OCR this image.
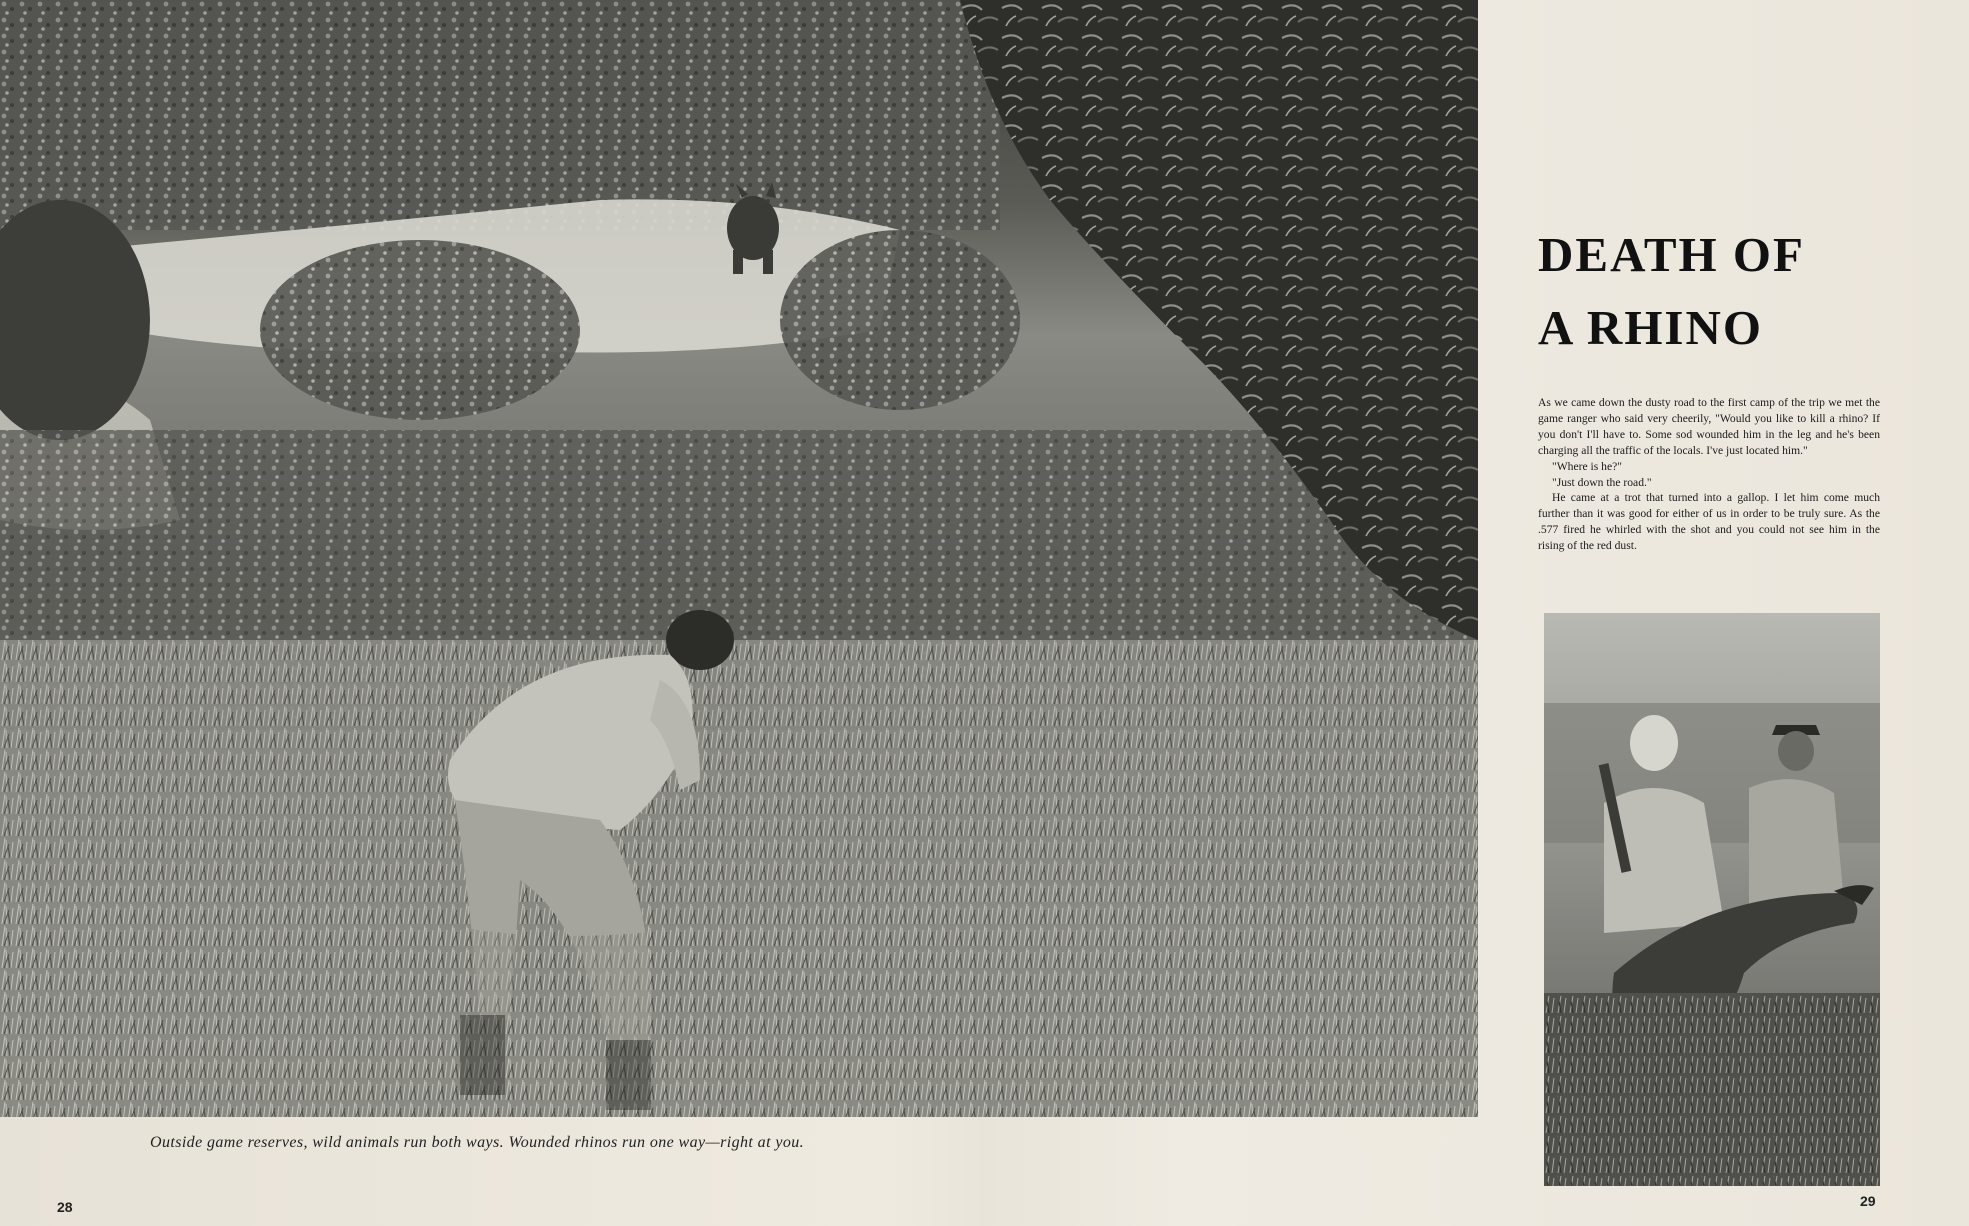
Outside game reserves, wild animals run both ways. Wounded rhinos run one way—right at you.
28
DEATH OF
A RHINO

As we came down the dusty road to the first camp of the trip we met the game ranger who said very cheerily, "Would you like to kill a rhino? If you don't I'll have to. Some sod wounded him in the leg and he's been charging all the traffic of the locals. I've just located him."

"Where is he?"

"Just down the road."

He came at a trot that turned into a gallop. I let him come much further than it was good for either of us in order to be truly sure. As the .577 fired he whirled with the shot and you could not see him in the rising of the red dust.

29
